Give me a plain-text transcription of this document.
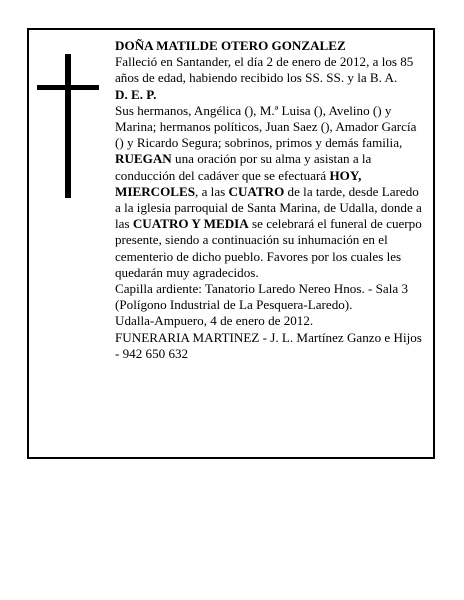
DOÑA MATILDE OTERO GONZALEZ

Falleció en Santander, el día 2 de enero de 2012, a los 85 años de edad, habiendo recibido los SS. SS. y la B. A.

D. E. P.

Sus hermanos, Angélica (), M.ª Luisa (), Avelino () y Marina; hermanos políticos, Juan Saez (), Amador García () y Ricardo Segura; sobrinos, primos y demás familia,

RUEGAN una oración por su alma y asistan a la conducción del cadáver que se efectuará HOY, MIERCOLES, a las CUATRO de la tarde, desde Laredo a la iglesia parroquial de Santa Marina, de Udalla, donde a las CUATRO Y MEDIA se celebrará el funeral de cuerpo presente, siendo a continuación su inhumación en el cementerio de dicho pueblo. Favores por los cuales les quedarán muy agradecidos.

Capilla ardiente: Tanatorio Laredo Nereo Hnos. - Sala 3 (Polígono Industrial de La Pesquera-Laredo).

Udalla-Ampuero, 4 de enero de 2012.

FUNERARIA MARTINEZ - J. L. Martínez Ganzo e Hijos - 942 650 632
